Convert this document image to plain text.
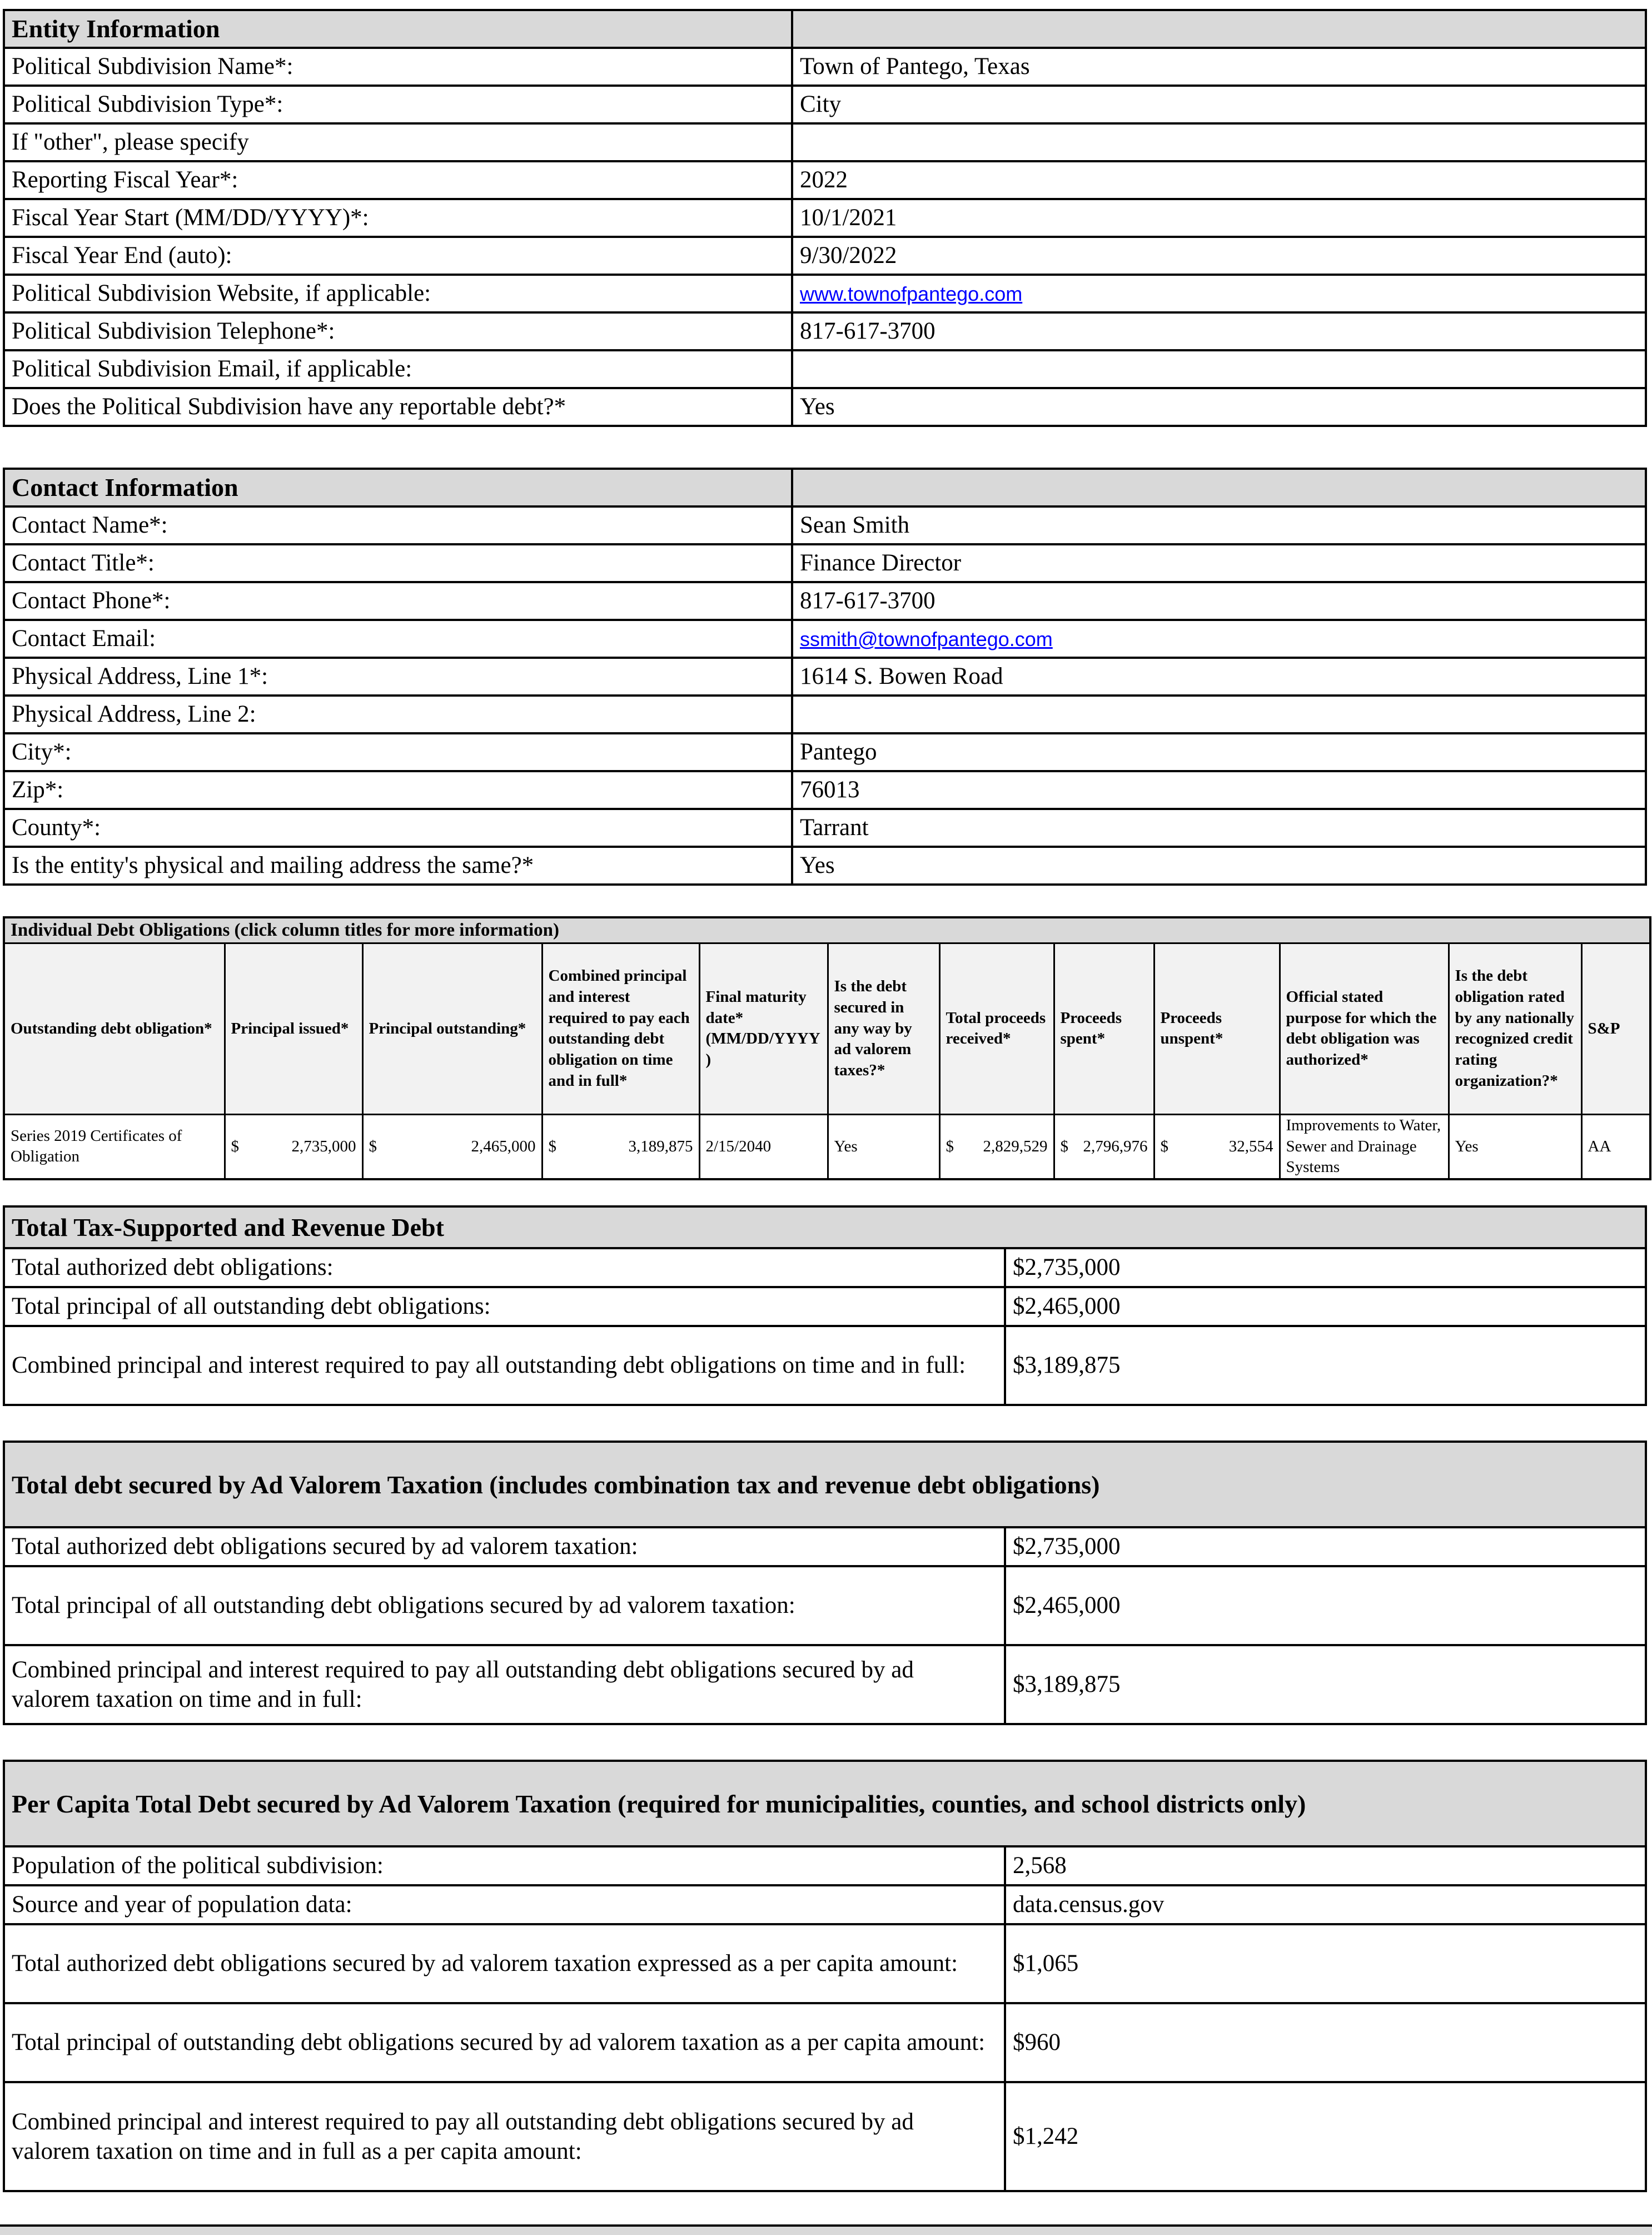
Entity Information	
Political Subdivision Name*:	Town of Pantego, Texas
Political Subdivision Type*:	City
If "other", please specify	
Reporting Fiscal Year*:	2022
Fiscal Year Start (MM/DD/YYYY)*:	10/1/2021
Fiscal Year End (auto):	9/30/2022
Political Subdivision Website, if applicable:	www.townofpantego.com
Political Subdivision Telephone*:	817-617-3700
Political Subdivision Email, if applicable:	
Does the Political Subdivision have any reportable debt?*	Yes
Contact Information	
Contact Name*:	Sean Smith
Contact Title*:	Finance Director
Contact Phone*:	817-617-3700
Contact Email:	ssmith@townofpantego.com
Physical Address, Line 1*:	1614 S. Bowen Road
Physical Address, Line 2:	
City*:	Pantego
Zip*:	76013
County*:	Tarrant
Is the entity's physical and mailing address the same?*	Yes
Individual Debt Obligations (click column titles for more information)											
Outstanding debt obligation*	Principal issued*	Principal outstanding*	Combined principal and interest required to pay each outstanding debt obligation on time and in full*	Final maturity date* (MM/DD/YYYY )	Is the debt secured in any way by ad valorem taxes?*	Total proceeds received*	Proceeds spent*	Proceeds unspent*	Official stated purpose for which the debt obligation was authorized*	Is the debt obligation rated by any nationally recognized credit rating organization?*	S&P
Series 2019 Certificates of Obligation	$ 2,735,000	$ 2,465,000	$ 3,189,875	2/15/2040	Yes	$ 2,829,529	$ 2,796,976	$ 32,554	Improvements to Water, Sewer and Drainage Systems	Yes	AA
Total Tax-Supported and Revenue Debt	
Total authorized debt obligations:	$2,735,000
Total principal of all outstanding debt obligations:	$2,465,000
Combined principal and interest required to pay all outstanding debt obligations on time and in full:	$3,189,875
Total debt secured by Ad Valorem Taxation (includes combination tax and revenue debt obligations)	
Total authorized debt obligations secured by ad valorem taxation:	$2,735,000
Total principal of all outstanding debt obligations secured by ad valorem taxation:	$2,465,000
Combined principal and interest required to pay all outstanding debt obligations secured by ad valorem taxation on time and in full:	$3,189,875
Per Capita Total Debt secured by Ad Valorem Taxation (required for municipalities, counties, and school districts only)	
Population of the political subdivision:	2,568
Source and year of population data:	data.census.gov
Total authorized debt obligations secured by ad valorem taxation expressed as a per capita amount:	$1,065
Total principal of outstanding debt obligations secured by ad valorem taxation as a per capita amount:	$960
Combined principal and interest required to pay all outstanding debt obligations secured by ad valorem taxation on time and in full as a per capita amount:	$1,242
